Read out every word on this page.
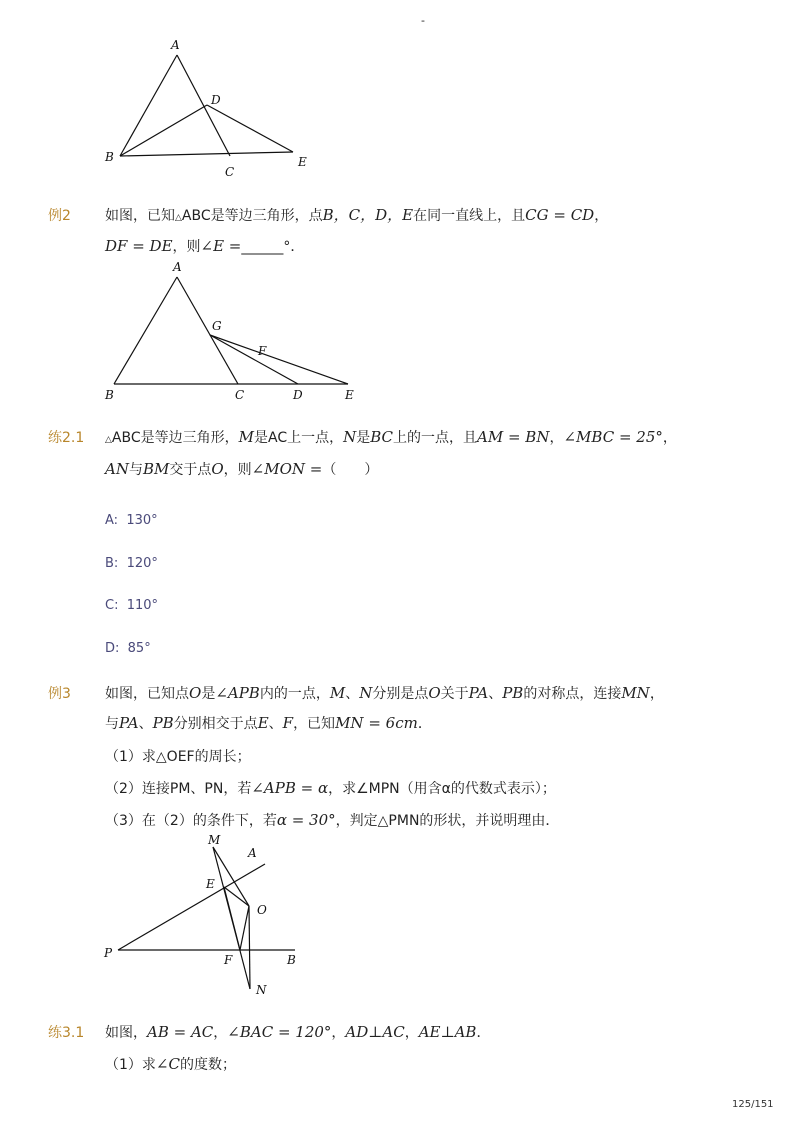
-
A
D
B
C
E
例2 如图，已知△ABC是等边三角形，点B，C，D，E在同一直线上，且CG = CD，
DF = DE，则∠E =______°．
A
G
F
B	C	D	E
练2.1 △ABC是等边三角形，M是AC上一点，N是BC上的一点，且AM = BN，∠MBC = 25°，
AN与BM交于点O，则∠MON =（　　）
A: 130°
B: 120°
C: 110°
D: 85°
例3 如图，已知点O是∠APB内的一点，M、N分别是点O关于PA、PB的对称点，连接MN，
与PA、PB分别相交于点E、F，已知MN = 6cm．
（1）求△OEF的周长；
（2）连接PM、PN，若∠APB = α，求∠MPN（用含α的代数式表示）；
（3）在（2）的条件下，若α = 30°，判定△PMN的形状，并说明理由．
M
A
E
O
P	F	B
N
练3.1 如图，AB = AC，∠BAC = 120°，AD⊥AC，AE⊥AB．
（1）求∠C的度数；
125/151
